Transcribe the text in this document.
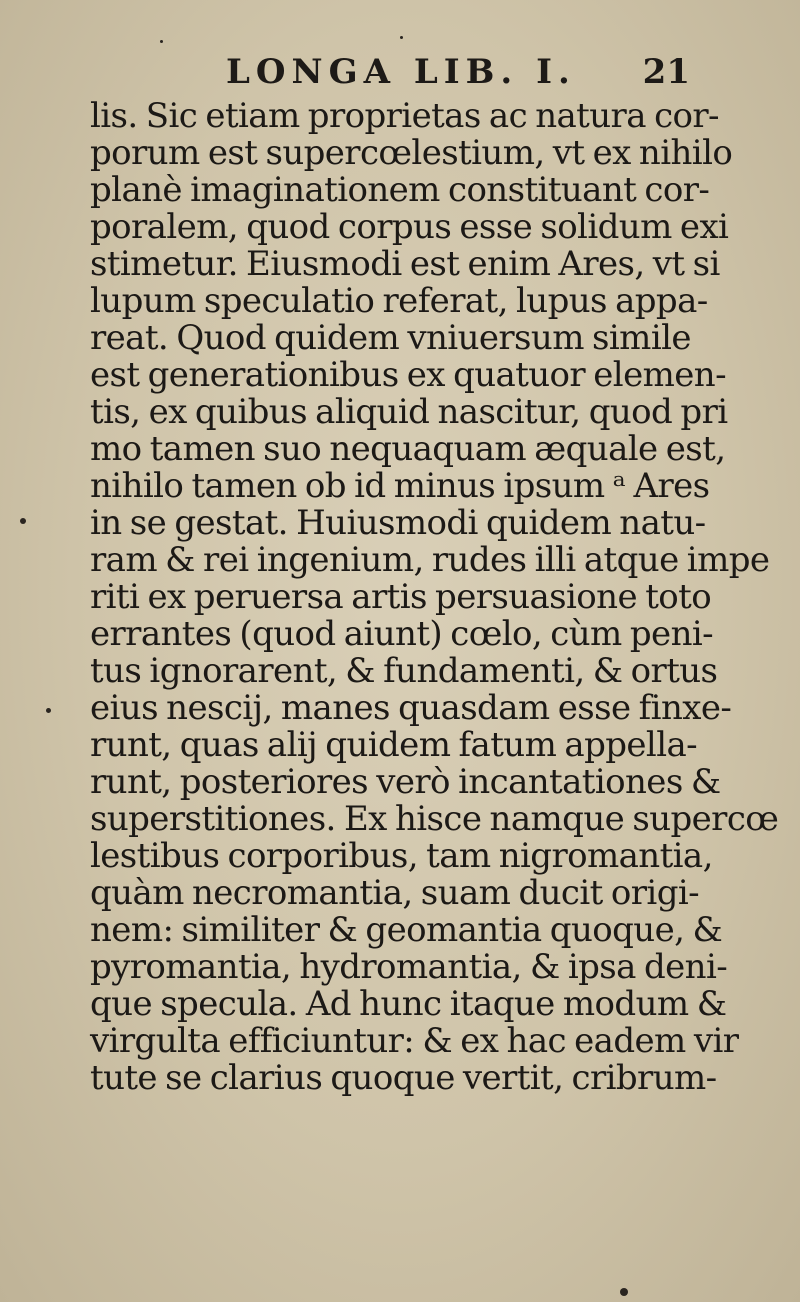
LONGA LIB. I. 21
lis. Sic etiam proprietas ac natura cor-
porum est supercœlestium, vt ex nihilo
planè imaginationem constituant cor-
poralem, quod corpus esse solidum exi
stimetur. Eiusmodi est enim Ares, vt si
lupum speculatio referat, lupus appa-
reat. Quod quidem vniuersum simile
est generationibus ex quatuor elemen-
tis, ex quibus aliquid nascitur, quod pri
mo tamen suo nequaquam æquale est,
nihilo tamen ob id minus ipsum ᵃ Ares
in se gestat. Huiusmodi quidem natu-
ram & rei ingenium, rudes illi atque impe
riti ex peruersa artis persuasione toto
errantes (quod aiunt) cœlo, cùm peni-
tus ignorarent, & fundamenti, & ortus
eius nescij, manes quasdam esse finxe-
runt, quas alij quidem fatum appella-
runt, posteriores verò incantationes &
superstitiones. Ex hisce namque supercœ
lestibus corporibus, tam nigromantia,
quàm necromantia, suam ducit origi-
nem: similiter & geomantia quoque, &
pyromantia, hydromantia, & ipsa deni-
que specula. Ad hunc itaque modum &
virgulta efficiuntur: & ex hac eadem vir
tute se clarius quoque vertit, cribrum-
